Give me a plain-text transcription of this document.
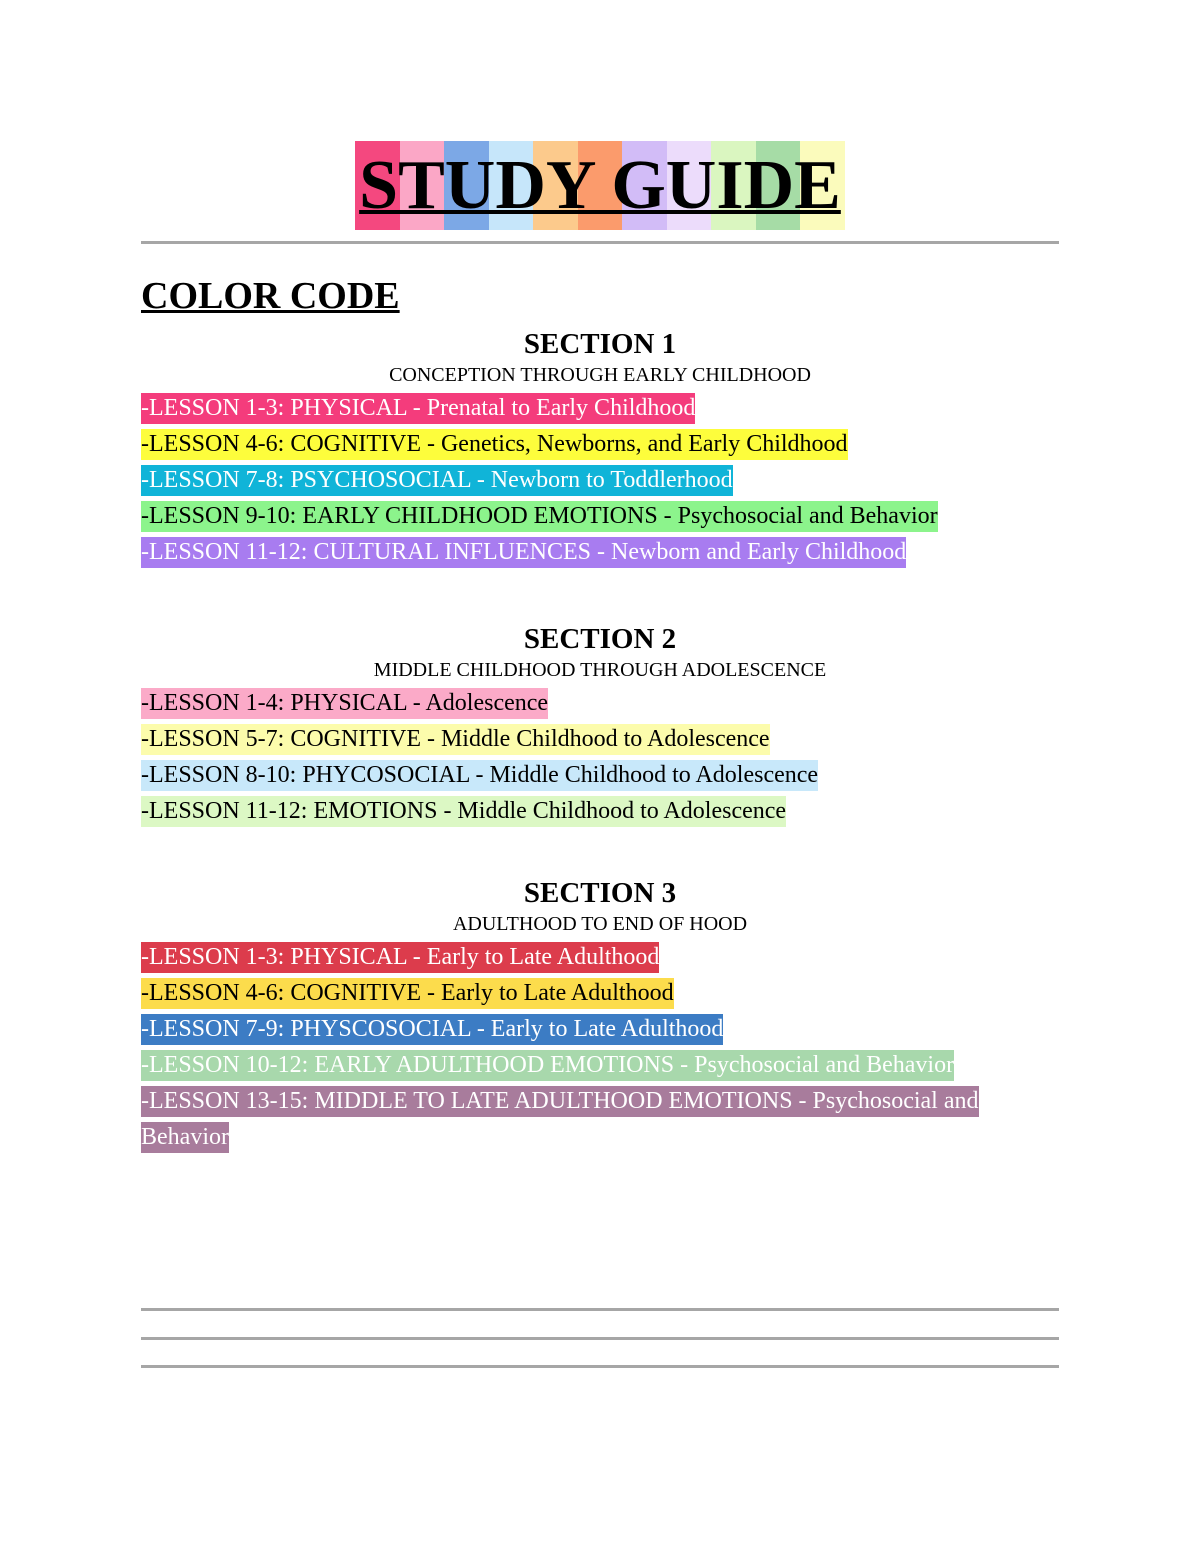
STUDY GUIDE
COLOR CODE
SECTION 1
CONCEPTION THROUGH EARLY CHILDHOOD
-LESSON 1-3: PHYSICAL - Prenatal to Early Childhood
-LESSON 4-6: COGNITIVE - Genetics, Newborns, and Early Childhood
-LESSON 7-8: PSYCHOSOCIAL - Newborn to Toddlerhood
-LESSON 9-10: EARLY CHILDHOOD EMOTIONS - Psychosocial and Behavior
-LESSON 11-12: CULTURAL INFLUENCES - Newborn and Early Childhood
SECTION 2
MIDDLE CHILDHOOD THROUGH ADOLESCENCE
-LESSON 1-4: PHYSICAL - Adolescence
-LESSON 5-7: COGNITIVE - Middle Childhood to Adolescence
-LESSON 8-10: PHYCOSOCIAL - Middle Childhood to Adolescence
-LESSON 11-12: EMOTIONS - Middle Childhood to Adolescence
SECTION 3
ADULTHOOD TO END OF HOOD
-LESSON 1-3: PHYSICAL - Early to Late Adulthood
-LESSON 4-6: COGNITIVE - Early to Late Adulthood
-LESSON 7-9: PHYSCOSOCIAL - Early to Late Adulthood
-LESSON 10-12: EARLY ADULTHOOD EMOTIONS - Psychosocial and Behavior
-LESSON 13-15: MIDDLE TO LATE ADULTHOOD EMOTIONS - Psychosocial and Behavior
